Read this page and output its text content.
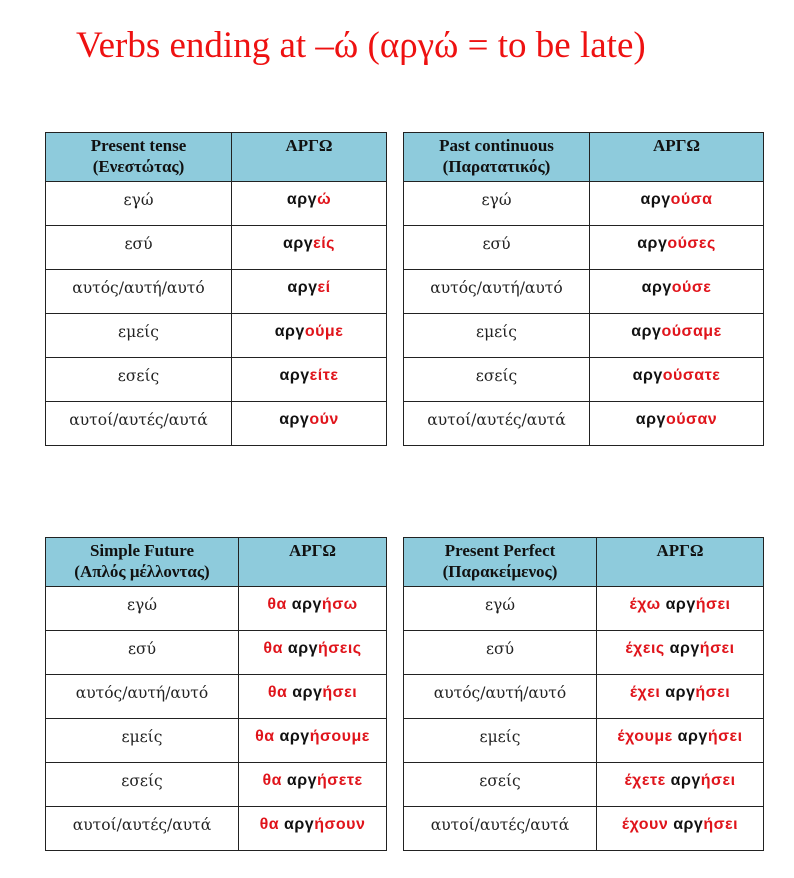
Verbs ending at –ώ (αργώ = to be late)
Present tense
(Ενεστώτας)	ΑΡΓΩ
εγώ	αργώ
εσύ	αργείς
αυτός/αυτή/αυτό	αργεί
εμείς	αργούμε
εσείς	αργείτε
αυτοί/αυτές/αυτά	αργούν
Past continuous
(Παρατατικός)	ΑΡΓΩ
εγώ	αργούσα
εσύ	αργούσες
αυτός/αυτή/αυτό	αργούσε
εμείς	αργούσαμε
εσείς	αργούσατε
αυτοί/αυτές/αυτά	αργούσαν
Simple Future
(Απλός μέλλοντας)	ΑΡΓΩ
εγώ	θα αργήσω
εσύ	θα αργήσεις
αυτός/αυτή/αυτό	θα αργήσει
εμείς	θα αργήσουμε
εσείς	θα αργήσετε
αυτοί/αυτές/αυτά	θα αργήσουν
Present Perfect
(Παρακείμενος)	ΑΡΓΩ
εγώ	έχω αργήσει
εσύ	έχεις αργήσει
αυτός/αυτή/αυτό	έχει αργήσει
εμείς	έχουμε αργήσει
εσείς	έχετε αργήσει
αυτοί/αυτές/αυτά	έχουν αργήσει
